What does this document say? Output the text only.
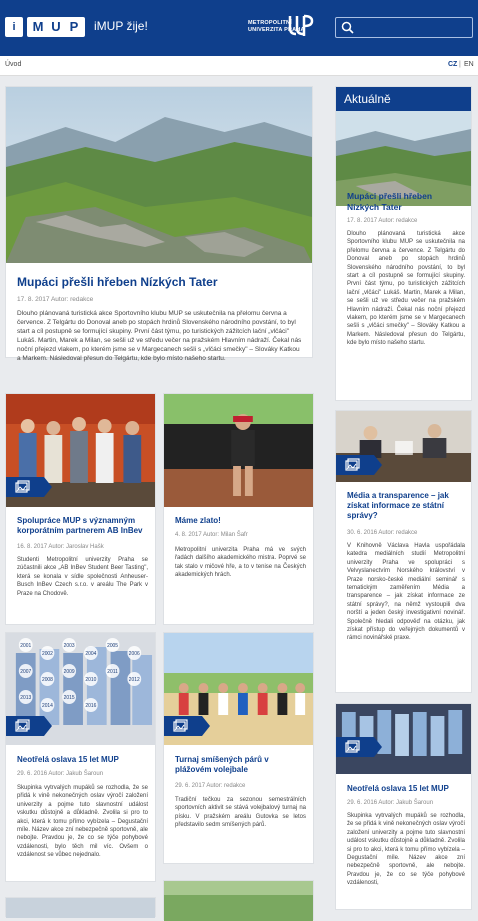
i	M U P	iMUP žije!	METROPOLITNÍ
UNIVERZITA PRAHA
Úvod	CZ | EN
Mupáci přešli hřeben Nízkých Tater
17. 8. 2017 Autor: redakce
Dlouho plánovaná turistická akce Sportovního klubu MUP se uskutečnila na přelomu června a července. Z Telgártu do Donoval aneb po stopách hrdinů Slovenského národního povstání, to byl start a cíl postupně se formující skupiny. První část týmu, po turistických zážitcích lační „vlčáci" Lukáš. Martin, Marek a Milan, se sešli už ve středu večer na pražském Hlavním nádraží. Čekal nás noční přejezd vlakem, po kterém jsme se v Margecanech sešli s „vlčáci smečky" – Slováky Katkou a Markem. Následoval přesun do Telgártu, kde bylo místo našeho startu.
Aktuálně
Mupáci přešli hřeben Nízkých Tater
17. 8. 2017 Autor: redakce
Dlouho plánovaná turistická akce Sportovního klubu MUP se uskutečnila na přelomu června a července. Z Telgártu do Donoval aneb po stopách hrdinů Slovenského národního povstání, to byl start a cíl postupně se formující skupiny. První část týmu, po turistických zážitcích lační „vlčáci" Lukáš. Martin, Marek a Milan, se sešli už ve středu večer na pražském Hlavním nádraží. Čekal nás noční přejezd vlakem, po kterém jsme se v Margecanech sešli s „vlčáci smečky" – Slováky Katkou a Markem. Následoval přesun do Telgártu, kde bylo místo našeho startu.
Média a transparence – jak získat informace ze státní správy?
30. 6. 2016 Autor: redakce
V Knihovně Václava Havla uspořádala katedra mediálních studií Metropolitní univerzity Praha ve spolupráci s Velvyslanectvím Norského království v Praze norsko-české mediální seminář s tematickým zaměřením Média a transparence – jak získat informace ze státní správy?, na němž vystoupili dva norští a jeden český investigativní novinář. Společně hledali odpověď na otázku, jak získat přístup do veřejných dokumentů v rámci novinářské praxe.
Neotřelá oslava 15 let MUP
29. 6. 2016 Autor: Jakub Šaroun
Skupinka vytrvalých mupáků se rozhodla, že se přidá k vině nekonečných oslav výročí založení univerzity a pojme tuto slavnostní událost vskutku důstojně a důkladně. Zvolila si pro to akci, která k tomu přímo vybízela – Degustační míle. Název akce zní nebezpečně sportovně, ale nebojte. Pravdou je, že co se týče pohybové vzdálenosti,
Spolupráce MUP s významným korporátním partnerem AB InBev
16. 8. 2017 Autor: Jaroslav Hašk
Studenti Metropolitní univerzity Praha se zúčastnili akce „AB InBev Student Beer Tasting", která se konala v sídle společnosti Anheuser-Busch InBev Czech s.r.o. v areálu The Park v Praze na Chodově.
Máme zlato!
4. 8. 2017 Autor: Milan Šafr
Metropolitní univerzita Praha má ve svých řadách dalšího akademického mistra. Poprvé se tak stalo v mičové hře, a to v tenise na Českých akademických hrách.
2001
2002
2003
2004
2005
2006
2007
2008
2009
2010
2011
2012
2013
2014
2015
2016
Neotřelá oslava 15 let MUP
29. 6. 2016 Autor: Jakub Šaroun
Skupinka vytrvalých mupáků se rozhodla, že se přidá k vině nekonečných oslav výročí založení univerzity a pojme tuto slavnostní událost vskutku důstojně a důkladně. Zvolila si pro to akci, která k tomu přímo vybízela – Degustační míle. Název akce zní nebezpečně sportovně, ale nebojte. Pravdou je, že co se týče pohybové vzdálenosti, bylo těch mil víc. Ovšem o vzdálenost se vůbec nejednalo.
Turnaj smíšených párů v plážovém volejbale
29. 6. 2017 Autor: redakce
Tradiční tečkou za sezonou semestrálních sportovních aktivit se stává volejbalový turnaj na písku. V pražském areálu Gutovka se letos představilo sedm smíšených párů.
